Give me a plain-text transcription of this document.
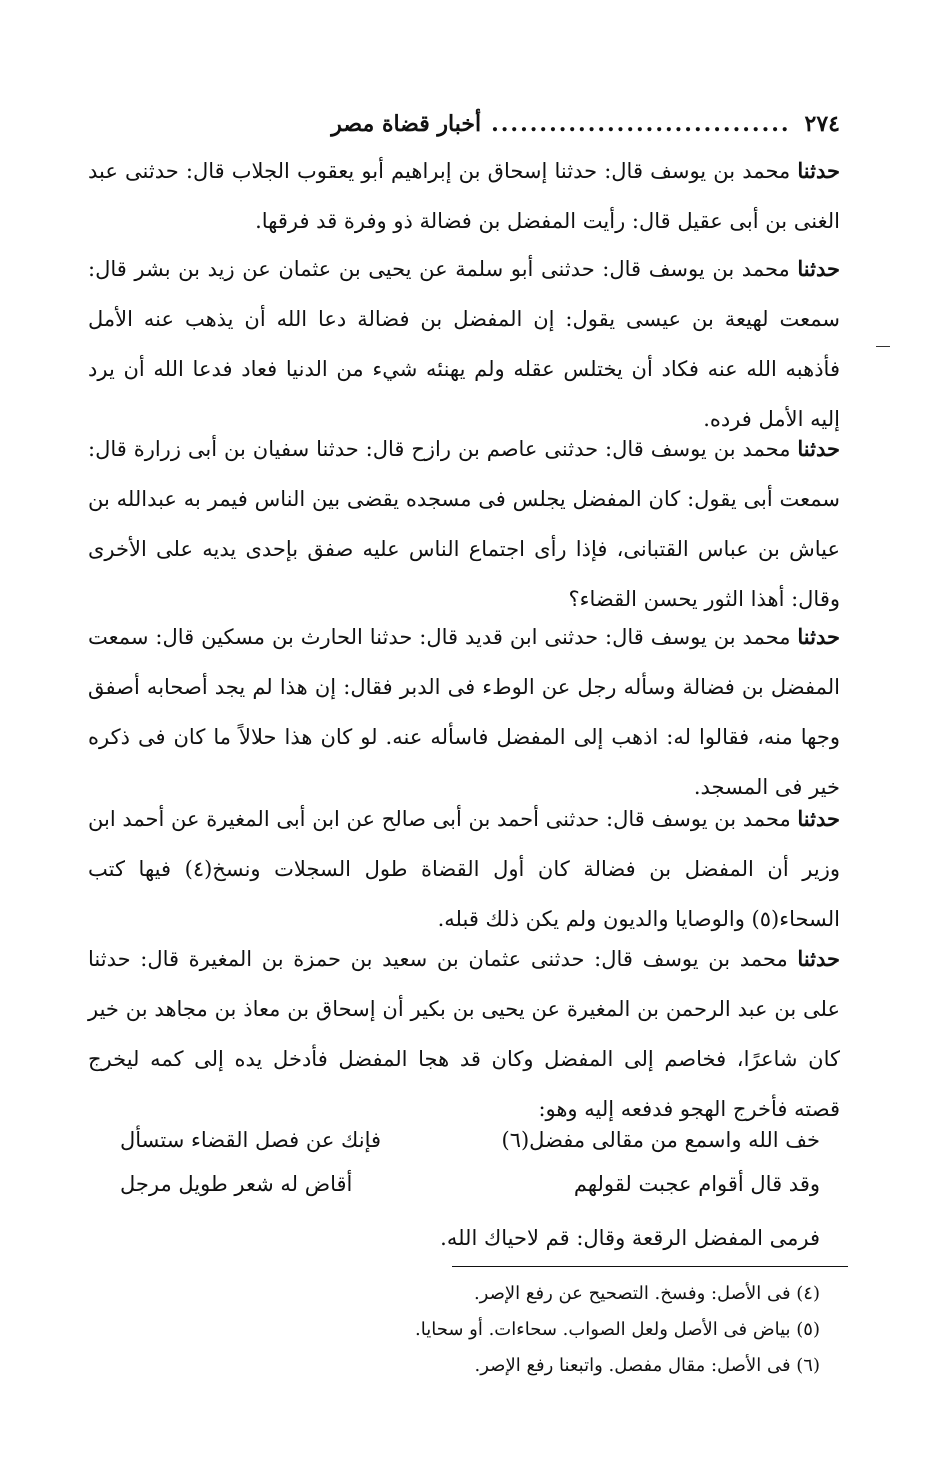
٢٧٤
...............................
أخبار قضاة مصر
حدثنا محمد بن يوسف قال: حدثنا إسحاق بن إبراهيم أبو يعقوب الجلاب قال: حدثنى عبد الغنى بن أبى عقيل قال: رأيت المفضل بن فضالة ذو وفرة قد فرقها.
حدثنا محمد بن يوسف قال: حدثنى أبو سلمة عن يحيى بن عثمان عن زيد بن بشر قال: سمعت لهيعة بن عيسى يقول: إن المفضل بن فضالة دعا الله أن يذهب عنه الأمل فأذهبه الله عنه فكاد أن يختلس عقله ولم يهنئه شيء من الدنيا فعاد فدعا الله أن يرد إليه الأمل فرده.
حدثنا محمد بن يوسف قال: حدثنى عاصم بن رازح قال: حدثنا سفيان بن أبى زرارة قال: سمعت أبى يقول: كان المفضل يجلس فى مسجده يقضى بين الناس فيمر به عبدالله بن عياش بن عباس القتبانى، فإذا رأى اجتماع الناس عليه صفق بإحدى يديه على الأخرى وقال: أهذا الثور يحسن القضاء؟
حدثنا محمد بن يوسف قال: حدثنى ابن قديد قال: حدثنا الحارث بن مسكين قال: سمعت المفضل بن فضالة وسأله رجل عن الوطء فى الدبر فقال: إن هذا لم يجد أصحابه أصفق وجها منه، فقالوا له: اذهب إلى المفضل فاسأله عنه. لو كان هذا حلالاً ما كان فى ذكره خير فى المسجد.
حدثنا محمد بن يوسف قال: حدثنى أحمد بن أبى صالح عن ابن أبى المغيرة عن أحمد ابن وزير أن المفضل بن فضالة كان أول القضاة طول السجلات ونسخ(٤) فيها كتب السحاء(٥) والوصايا والديون ولم يكن ذلك قبله.
حدثنا محمد بن يوسف قال: حدثنى عثمان بن سعيد بن حمزة بن المغيرة قال: حدثنا على بن عبد الرحمن بن المغيرة عن يحيى بن بكير أن إسحاق بن معاذ بن مجاهد بن خير كان شاعرًا، فخاصم إلى المفضل وكان قد هجا المفضل فأدخل يده إلى كمه ليخرج قصته فأخرج الهجو فدفعه إليه وهو:
خف الله واسمع من مقالى مفضل(٦)
فإنك عن فصل القضاء ستسأل
وقد قال أقوام عجبت لقولهم
أقاض له شعر طويل مرجل
فرمى المفضل الرقعة وقال: قم لاحياك الله.
(٤) فى الأصل: وفسخ. التصحيح عن رفع الإصر.
(٥) بياض فى الأصل ولعل الصواب. سحاءات. أو سحايا.
(٦) فى الأصل: مقال مفصل. واتبعنا رفع الإصر.
